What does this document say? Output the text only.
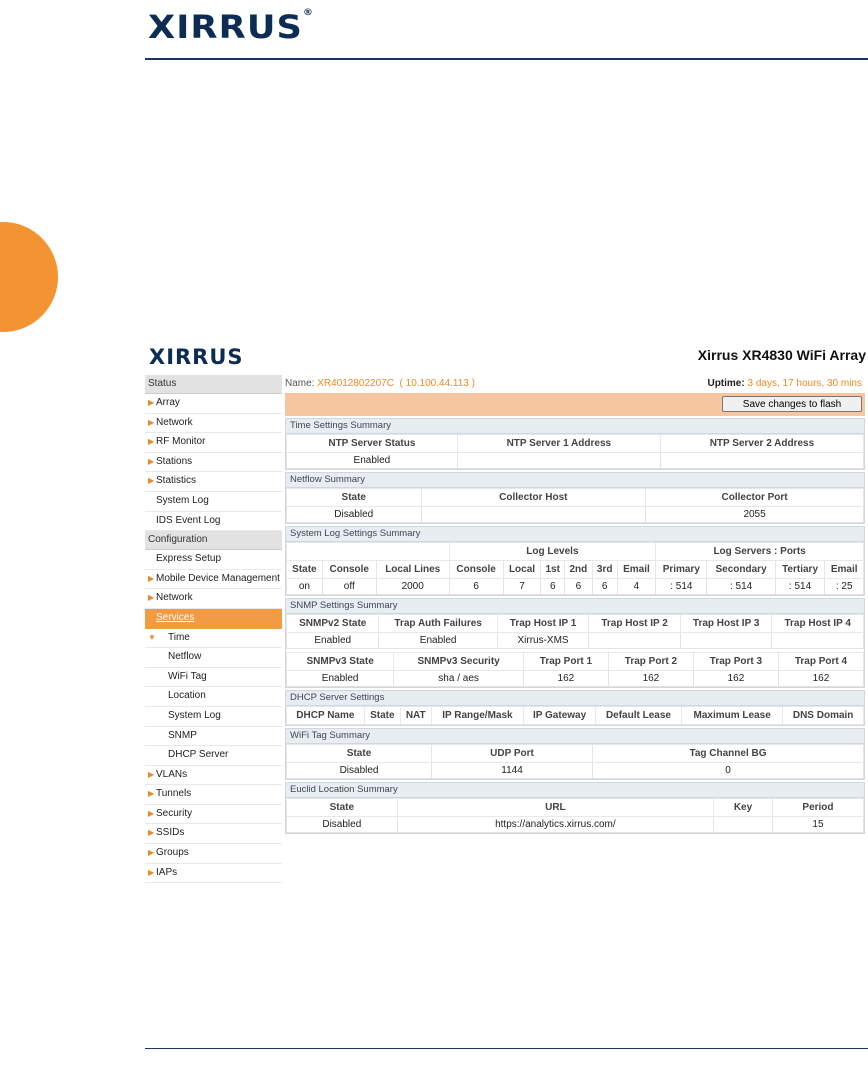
XIRRUS®
XIRRUS	Xirrus XR4830 WiFi Array
Status
▶ Array
▶ Network
▶ RF Monitor
▶ Stations
▶ Statistics
System Log
IDS Event Log
Configuration
Express Setup
▶ Mobile Device Management
▶ Network
Services
▼ Time
Netflow
WiFi Tag
Location
System Log
SNMP
DHCP Server
▶ VLANs
▶ Tunnels
▶ Security
▶ SSIDs
▶ Groups
▶ IAPs
Name: XR4012802207C ( 10.100.44.113 )	Uptime: 3 days, 17 hours, 30 mins
Save changes to flash
Time Settings Summary
NTP Server Status	NTP Server 1 Address	NTP Server 2 Address
Enabled		
Netflow Summary
State	Collector Host	Collector Port
Disabled		2055
System Log Settings Summary
			Log Levels						Log Servers : Ports			
State	Console	Local Lines	Console	Local	1st	2nd	3rd	Email	Primary	Secondary	Tertiary	Email
on	off	2000	6	7	6	6	6	4	: 514	: 514	: 514	: 25
SNMP Settings Summary
SNMPv2 State	Trap Auth Failures	Trap Host IP 1	Trap Host IP 2	Trap Host IP 3	Trap Host IP 4
Enabled	Enabled	Xirrus-XMS			
SNMPv3 State	SNMPv3 Security	Trap Port 1	Trap Port 2	Trap Port 3	Trap Port 4
Enabled	sha / aes	162	162	162	162
DHCP Server Settings
DHCP Name	State	NAT	IP Range/Mask	IP Gateway	Default Lease	Maximum Lease	DNS Domain
WiFi Tag Summary
State	UDP Port	Tag Channel BG
Disabled	1144	0
Euclid Location Summary
State	URL	Key	Period
Disabled	https://analytics.xirrus.com/		15
